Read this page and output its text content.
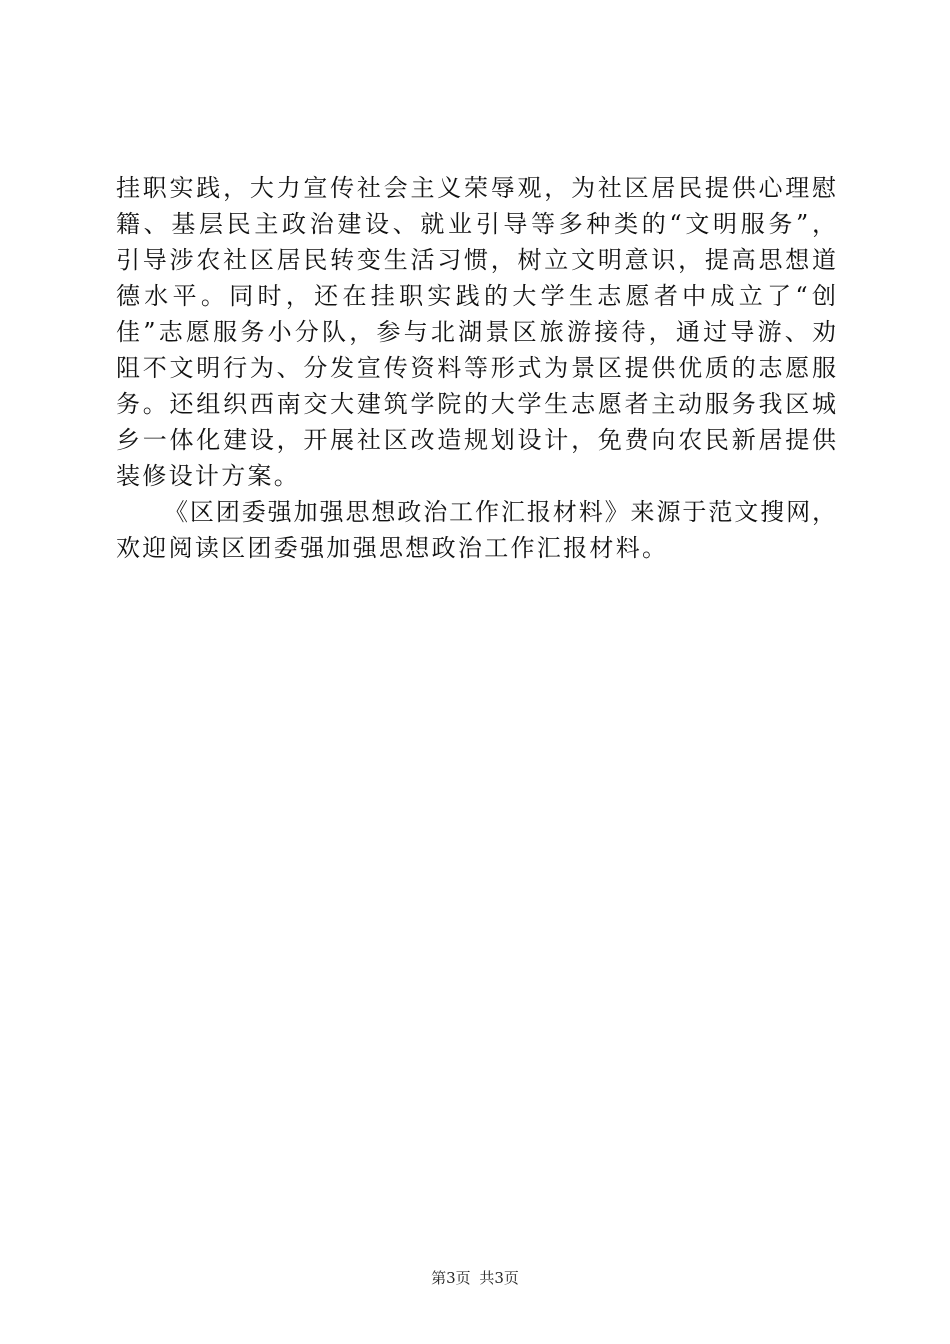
挂职实践，大力宣传社会主义荣辱观，为社区居民提供心理慰
籍、基层民主政治建设、就业引导等多种类的“文明服务”，
引导涉农社区居民转变生活习惯，树立文明意识，提高思想道
德水平。同时，还在挂职实践的大学生志愿者中成立了“创
佳”志愿服务小分队，参与北湖景区旅游接待，通过导游、劝
阻不文明行为、分发宣传资料等形式为景区提供优质的志愿服
务。还组织西南交大建筑学院的大学生志愿者主动服务我区城
乡一体化建设，开展社区改造规划设计，免费向农民新居提供
装修设计方案。
《区团委强加强思想政治工作汇报材料》来源于范文搜网，
欢迎阅读区团委强加强思想政治工作汇报材料。
第3页 共3页
